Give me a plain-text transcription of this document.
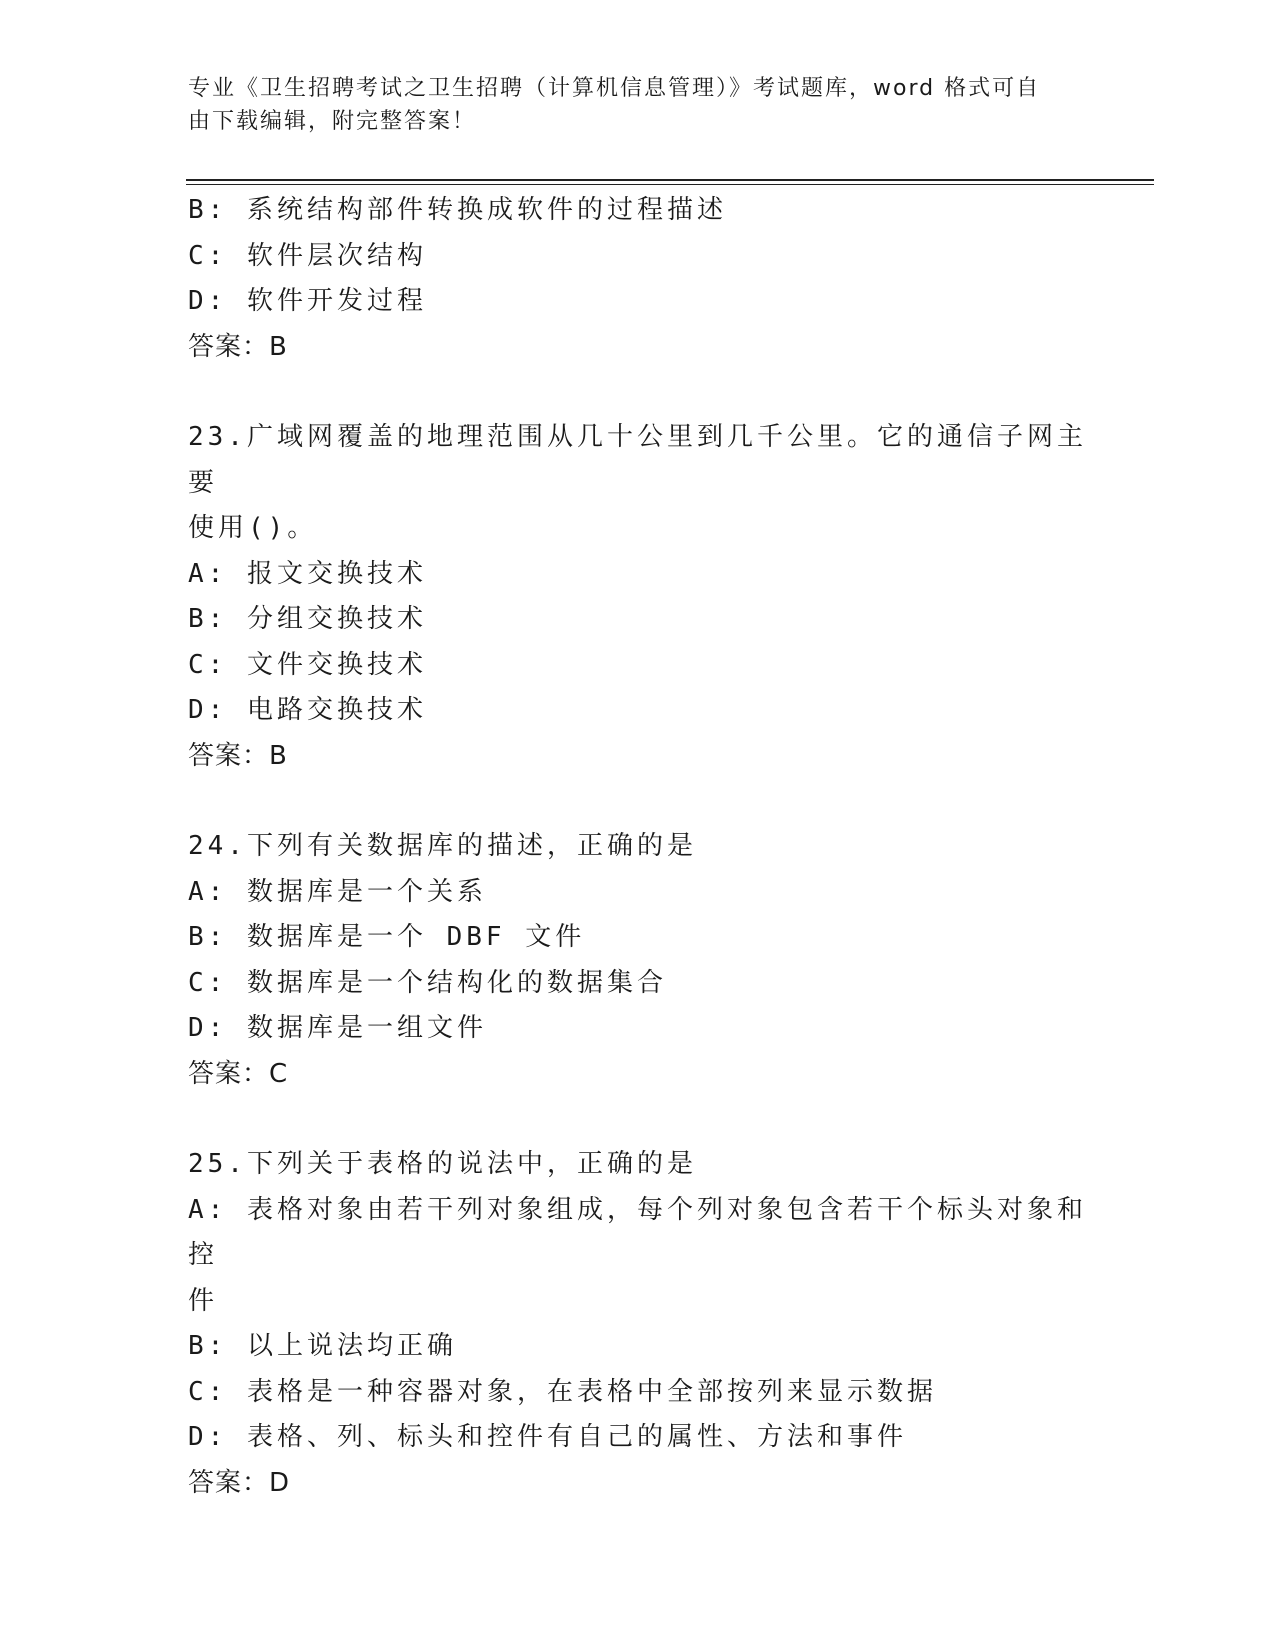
专业《卫生招聘考试之卫生招聘（计算机信息管理）》考试题库，word 格式可自
由下载编辑，附完整答案！
B: 系统结构部件转换成软件的过程描述
C: 软件层次结构
D: 软件开发过程
答案：B
23.广域网覆盖的地理范围从几十公里到几千公里。它的通信子网主要
使用()。
A: 报文交换技术
B: 分组交换技术
C: 文件交换技术
D: 电路交换技术
答案：B
24.下列有关数据库的描述，正确的是
A: 数据库是一个关系
B: 数据库是一个 DBF 文件
C: 数据库是一个结构化的数据集合
D: 数据库是一组文件
答案：C
25.下列关于表格的说法中，正确的是
A: 表格对象由若干列对象组成，每个列对象包含若干个标头对象和控
件
B: 以上说法均正确
C: 表格是一种容器对象，在表格中全部按列来显示数据
D: 表格、列、标头和控件有自己的属性、方法和事件
答案：D
